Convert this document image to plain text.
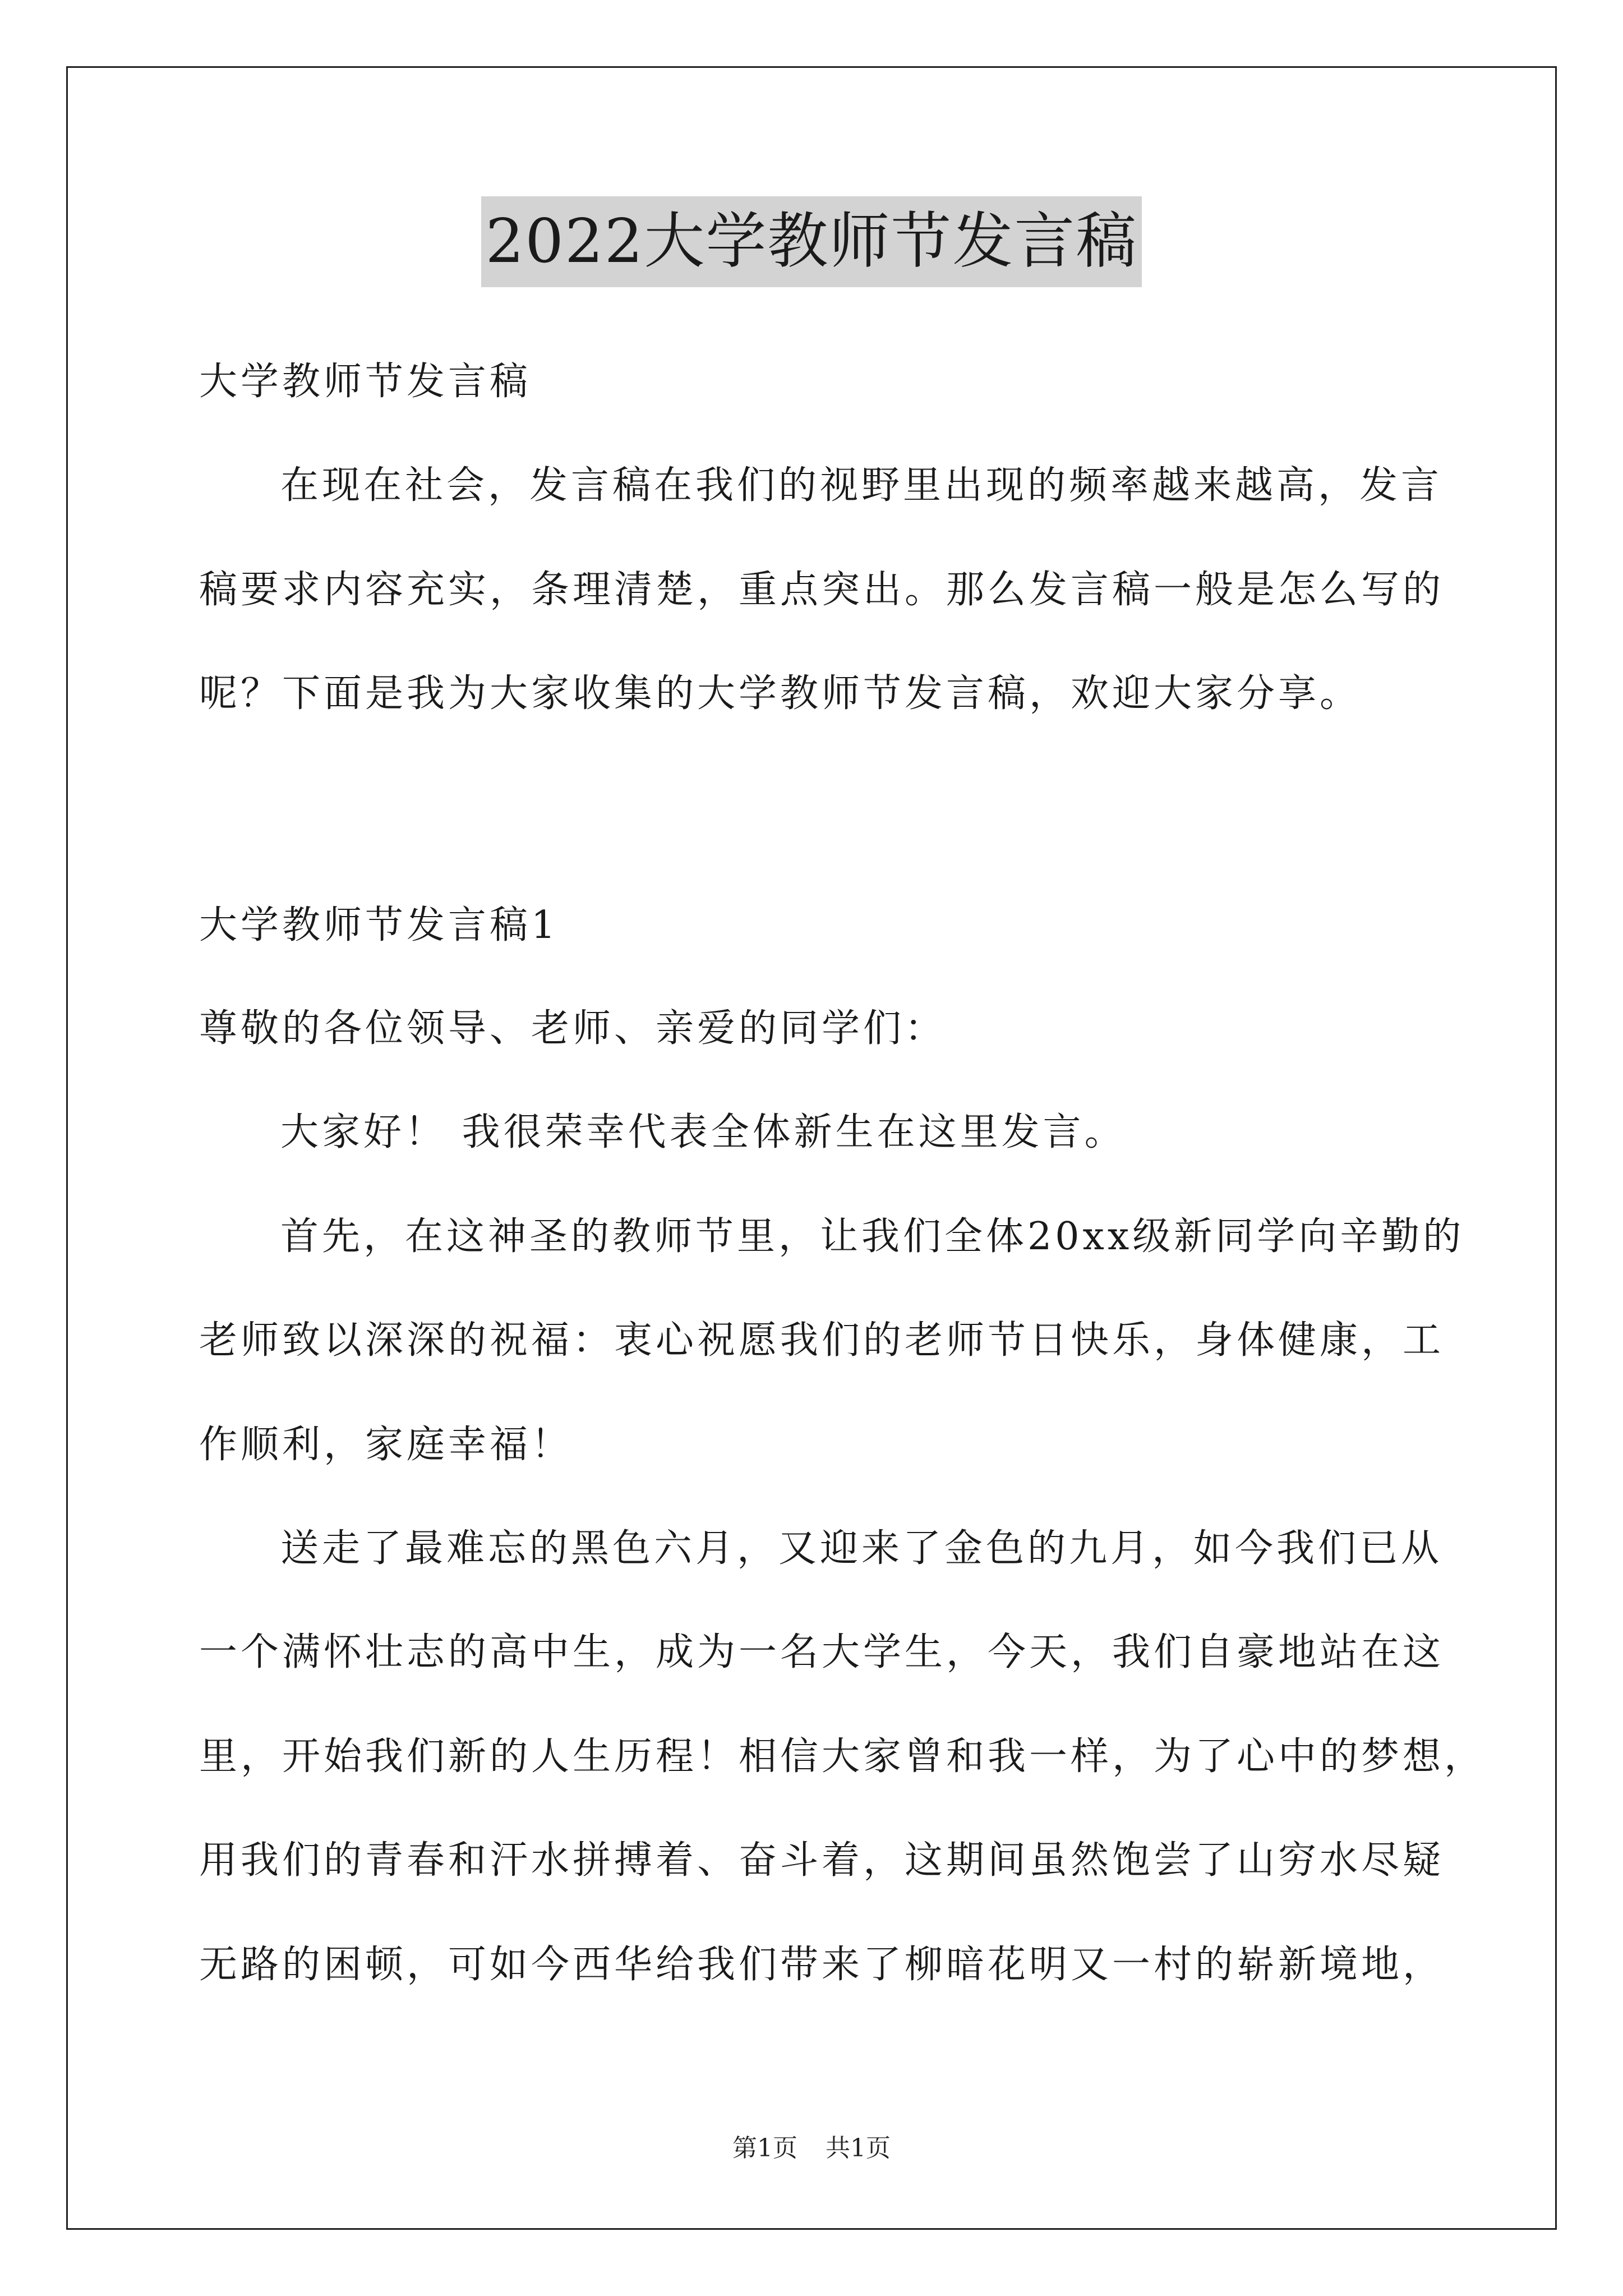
2022大学教师节发言稿
大学教师节发言稿
在现在社会，发言稿在我们的视野里出现的频率越来越高，发言
稿要求内容充实，条理清楚，重点突出。那么发言稿一般是怎么写的
呢？下面是我为大家收集的大学教师节发言稿，欢迎大家分享。
大学教师节发言稿1
尊敬的各位领导、老师、亲爱的同学们：
大家好！ 我很荣幸代表全体新生在这里发言。
首先，在这神圣的教师节里，让我们全体20xx级新同学向辛勤的
老师致以深深的祝福：衷心祝愿我们的老师节日快乐，身体健康，工
作顺利，家庭幸福！
送走了最难忘的黑色六月，又迎来了金色的九月，如今我们已从
一个满怀壮志的高中生，成为一名大学生，今天，我们自豪地站在这
里，开始我们新的人生历程！相信大家曾和我一样，为了心中的梦想，
用我们的青春和汗水拼搏着、奋斗着，这期间虽然饱尝了山穷水尽疑
无路的困顿，可如今西华给我们带来了柳暗花明又一村的崭新境地，
第1页 共1页
